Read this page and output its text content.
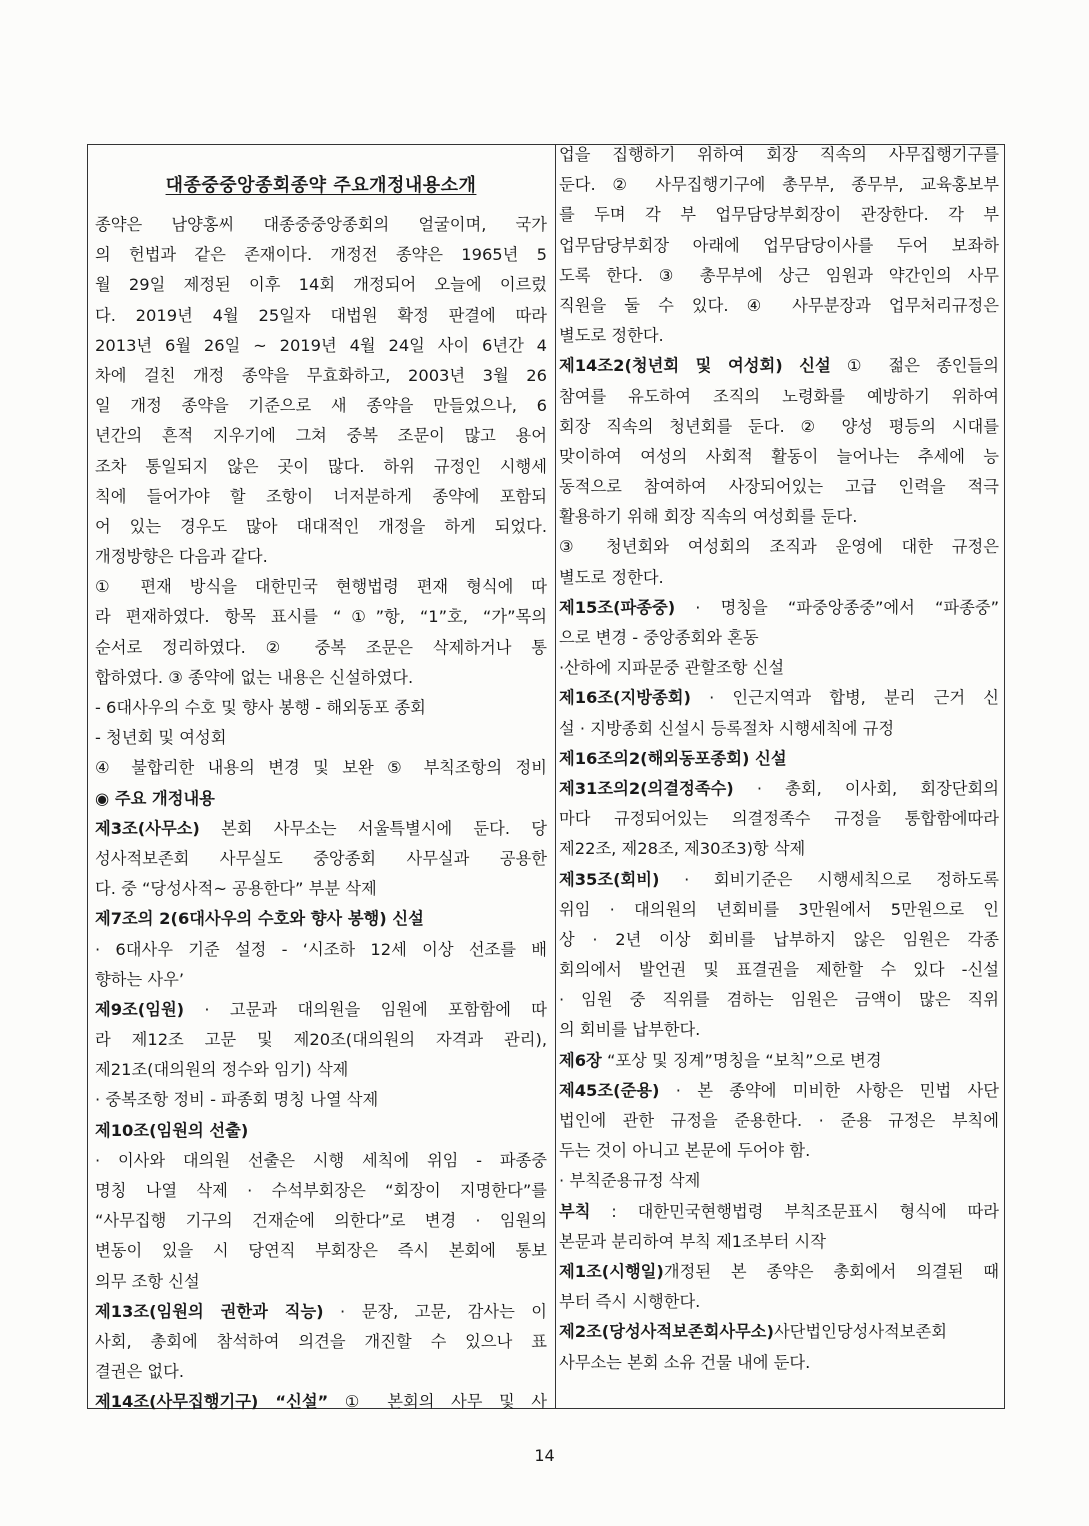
대종중중앙종회종약 주요개정내용소개
종약은 남양홍씨 대종중중앙종회의 얼굴이며, 국가
의 헌법과 같은 존재이다. 개정전 종약은 1965년 5
월 29일 제정된 이후 14회 개정되어 오늘에 이르렀
다. 2019년 4월 25일자 대법원 확정 판결에 따라
2013년 6월 26일 ~ 2019년 4월 24일 사이 6년간 4
차에 걸친 개정 종약을 무효화하고, 2003년 3월 26
일 개정 종약을 기준으로 새 종약을 만들었으나, 6
년간의 흔적 지우기에 그쳐 중복 조문이 많고 용어
조차 통일되지 않은 곳이 많다. 하위 규정인 시행세
칙에 들어가야 할 조항이 너저분하게 종약에 포함되
어 있는 경우도 많아 대대적인 개정을 하게 되었다.
개정방향은 다음과 같다.
① 편재 방식을 대한민국 현행법령 편재 형식에 따
라 편재하였다. 항목 표시를 “①”항, “1”호, “가”목의
순서로 정리하였다. ② 중복 조문은 삭제하거나 통
합하였다. ③ 종약에 없는 내용은 신설하였다.
- 6대사우의 수호 및 향사 봉행 - 해외동포 종회
- 청년회 및 여성회
④ 불합리한 내용의 변경 및 보완 ⑤ 부칙조항의 정비
◉ 주요 개정내용
제3조(사무소) 본회 사무소는 서울특별시에 둔다. 당
성사적보존회 사무실도 중앙종회 사무실과 공용한
다. 중 “당성사적~ 공용한다” 부분 삭제
제7조의 2(6대사우의 수호와 향사 봉행) 신설
· 6대사우 기준 설정 - ‘시조하 12세 이상 선조를 배
향하는 사우’
제9조(임원) · 고문과 대의원을 임원에 포함함에 따
라 제12조 고문 및 제20조(대의원의 자격과 관리),
제21조(대의원의 정수와 임기) 삭제
· 중복조항 정비 - 파종회 명칭 나열 삭제
제10조(임원의 선출)
· 이사와 대의원 선출은 시행 세칙에 위임 - 파종중
명칭 나열 삭제 · 수석부회장은 “회장이 지명한다”를
“사무집행 기구의 건재순에 의한다”로 변경 · 임원의
변동이 있을 시 당연직 부회장은 즉시 본회에 통보
의무 조항 신설
제13조(임원의 권한과 직능) · 문장, 고문, 감사는 이
사회, 총회에 참석하여 의견을 개진할 수 있으나 표
결권은 없다.
제14조(사무집행기구) “신설” ① 본회의 사무 및 사
업을 집행하기 위하여 회장 직속의 사무집행기구를
둔다. ② 사무집행기구에 총무부, 종무부, 교육홍보부
를 두며 각 부 업무담당부회장이 관장한다. 각 부
업무담당부회장 아래에 업무담당이사를 두어 보좌하
도록 한다. ③ 총무부에 상근 임원과 약간인의 사무
직원을 둘 수 있다. ④ 사무분장과 업무처리규정은
별도로 정한다.
제14조2(청년회 및 여성회) 신설 ① 젊은 종인들의
참여를 유도하여 조직의 노령화를 예방하기 위하여
회장 직속의 청년회를 둔다. ② 양성 평등의 시대를
맞이하여 여성의 사회적 활동이 늘어나는 추세에 능
동적으로 참여하여 사장되어있는 고급 인력을 적극
활용하기 위해 회장 직속의 여성회를 둔다.
③ 청년회와 여성회의 조직과 운영에 대한 규정은
별도로 정한다.
제15조(파종중) · 명칭을 “파중앙종중”에서 “파종중”
으로 변경 - 중앙종회와 혼동
·산하에 지파문중 관할조항 신설
제16조(지방종회) · 인근지역과 합병, 분리 근거 신
설 · 지방종회 신설시 등록절차 시행세칙에 규정
제16조의2(해외동포종회) 신설
제31조의2(의결정족수) · 총회, 이사회, 회장단회의
마다 규정되어있는 의결정족수 규정을 통합함에따라
제22조, 제28조, 제30조3)항 삭제
제35조(회비) · 회비기준은 시행세칙으로 정하도록
위임 · 대의원의 년회비를 3만원에서 5만원으로 인
상 · 2년 이상 회비를 납부하지 않은 임원은 각종
회의에서 발언권 및 표결권을 제한할 수 있다 -신설
· 임원 중 직위를 겸하는 임원은 금액이 많은 직위
의 회비를 납부한다.
제6장 “포상 및 징계”명칭을 “보칙”으로 변경
제45조(준용) · 본 종약에 미비한 사항은 민법 사단
법인에 관한 규정을 준용한다. · 준용 규정은 부칙에
두는 것이 아니고 본문에 두어야 함.
· 부칙준용규정 삭제
부칙 : 대한민국현행법령 부칙조문표시 형식에 따라
본문과 분리하여 부칙 제1조부터 시작
제1조(시행일)개정된 본 종약은 총회에서 의결된 때
부터 즉시 시행한다.
제2조(당성사적보존회사무소)사단법인당성사적보존회
사무소는 본회 소유 건물 내에 둔다.
14
